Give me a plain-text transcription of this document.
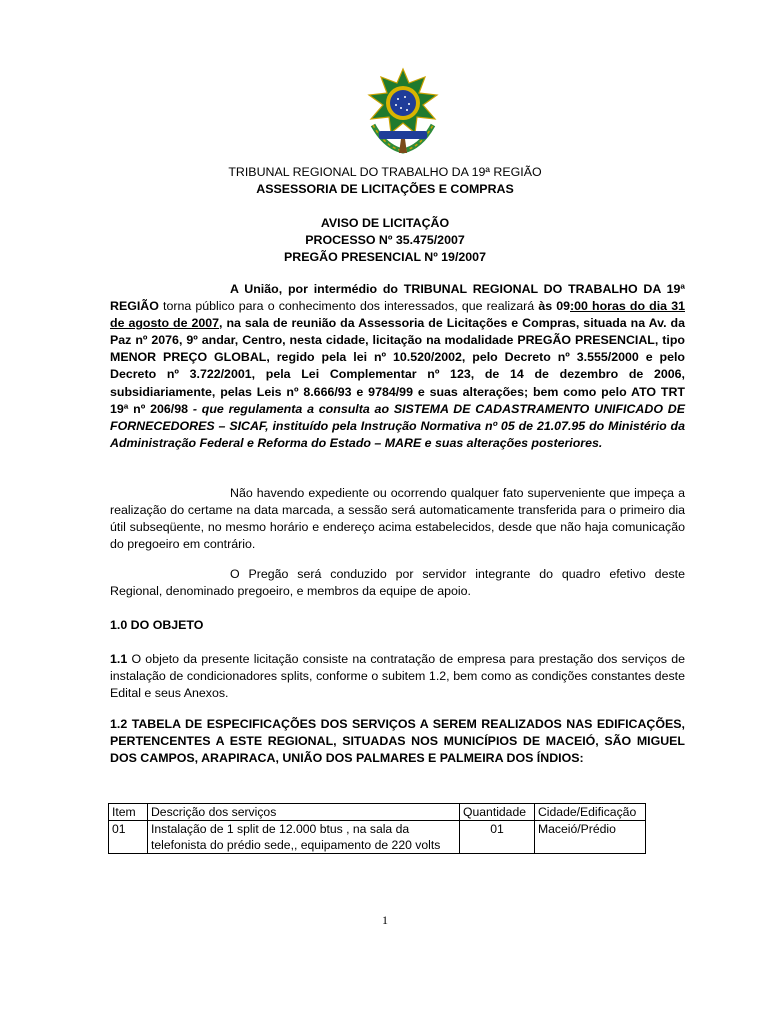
TRIBUNAL REGIONAL DO TRABALHO DA 19ª REGIÃO
ASSESSORIA DE LICITAÇÕES E COMPRAS
AVISO DE LICITAÇÃO
PROCESSO Nº 35.475/2007
PREGÃO PRESENCIAL Nº 19/2007
A União, por intermédio do TRIBUNAL REGIONAL DO TRABALHO DA 19ª REGIÃO torna público para o conhecimento dos interessados, que realizará às 09:00 horas do dia 31 de agosto de 2007, na sala de reunião da Assessoria de Licitações e Compras, situada na Av. da Paz nº 2076, 9º andar, Centro, nesta cidade, licitação na modalidade PREGÃO PRESENCIAL, tipo MENOR PREÇO GLOBAL, regido pela lei nº 10.520/2002, pelo Decreto nº 3.555/2000 e pelo Decreto nº 3.722/2001, pela Lei Complementar nº 123, de 14 de dezembro de 2006, subsidiariamente, pelas Leis nº 8.666/93 e 9784/99 e suas alterações; bem como pelo ATO TRT 19ª nº 206/98 - que regulamenta a consulta ao SISTEMA DE CADASTRAMENTO UNIFICADO DE FORNECEDORES – SICAF, instituído pela Instrução Normativa nº 05 de 21.07.95 do Ministério da Administração Federal e Reforma do Estado – MARE e suas alterações posteriores.
Não havendo expediente ou ocorrendo qualquer fato superveniente que impeça a realização do certame na data marcada, a sessão será automaticamente transferida para o primeiro dia útil subseqüente, no mesmo horário e endereço acima estabelecidos, desde que não haja comunicação do pregoeiro em contrário.
O Pregão será conduzido por servidor integrante do quadro efetivo deste Regional, denominado pregoeiro, e membros da equipe de apoio.
1.0 DO OBJETO
1.1 O objeto da presente licitação consiste na contratação de empresa para prestação dos serviços de instalação de condicionadores splits, conforme o subitem 1.2, bem como as condições constantes deste Edital e seus Anexos.
1.2 TABELA DE ESPECIFICAÇÕES DOS SERVIÇOS A SEREM REALIZADOS NAS EDIFICAÇÕES, PERTENCENTES A ESTE REGIONAL, SITUADAS NOS MUNICÍPIOS DE MACEIÓ, SÃO MIGUEL DOS CAMPOS, ARAPIRACA, UNIÃO DOS PALMARES E PALMEIRA DOS ÍNDIOS:
Item	Descrição dos serviços	Quantidade	Cidade/Edificação
01	Instalação de 1 split de 12.000 btus , na sala da telefonista do prédio sede,, equipamento de 220 volts	01	Maceió/Prédio
1
